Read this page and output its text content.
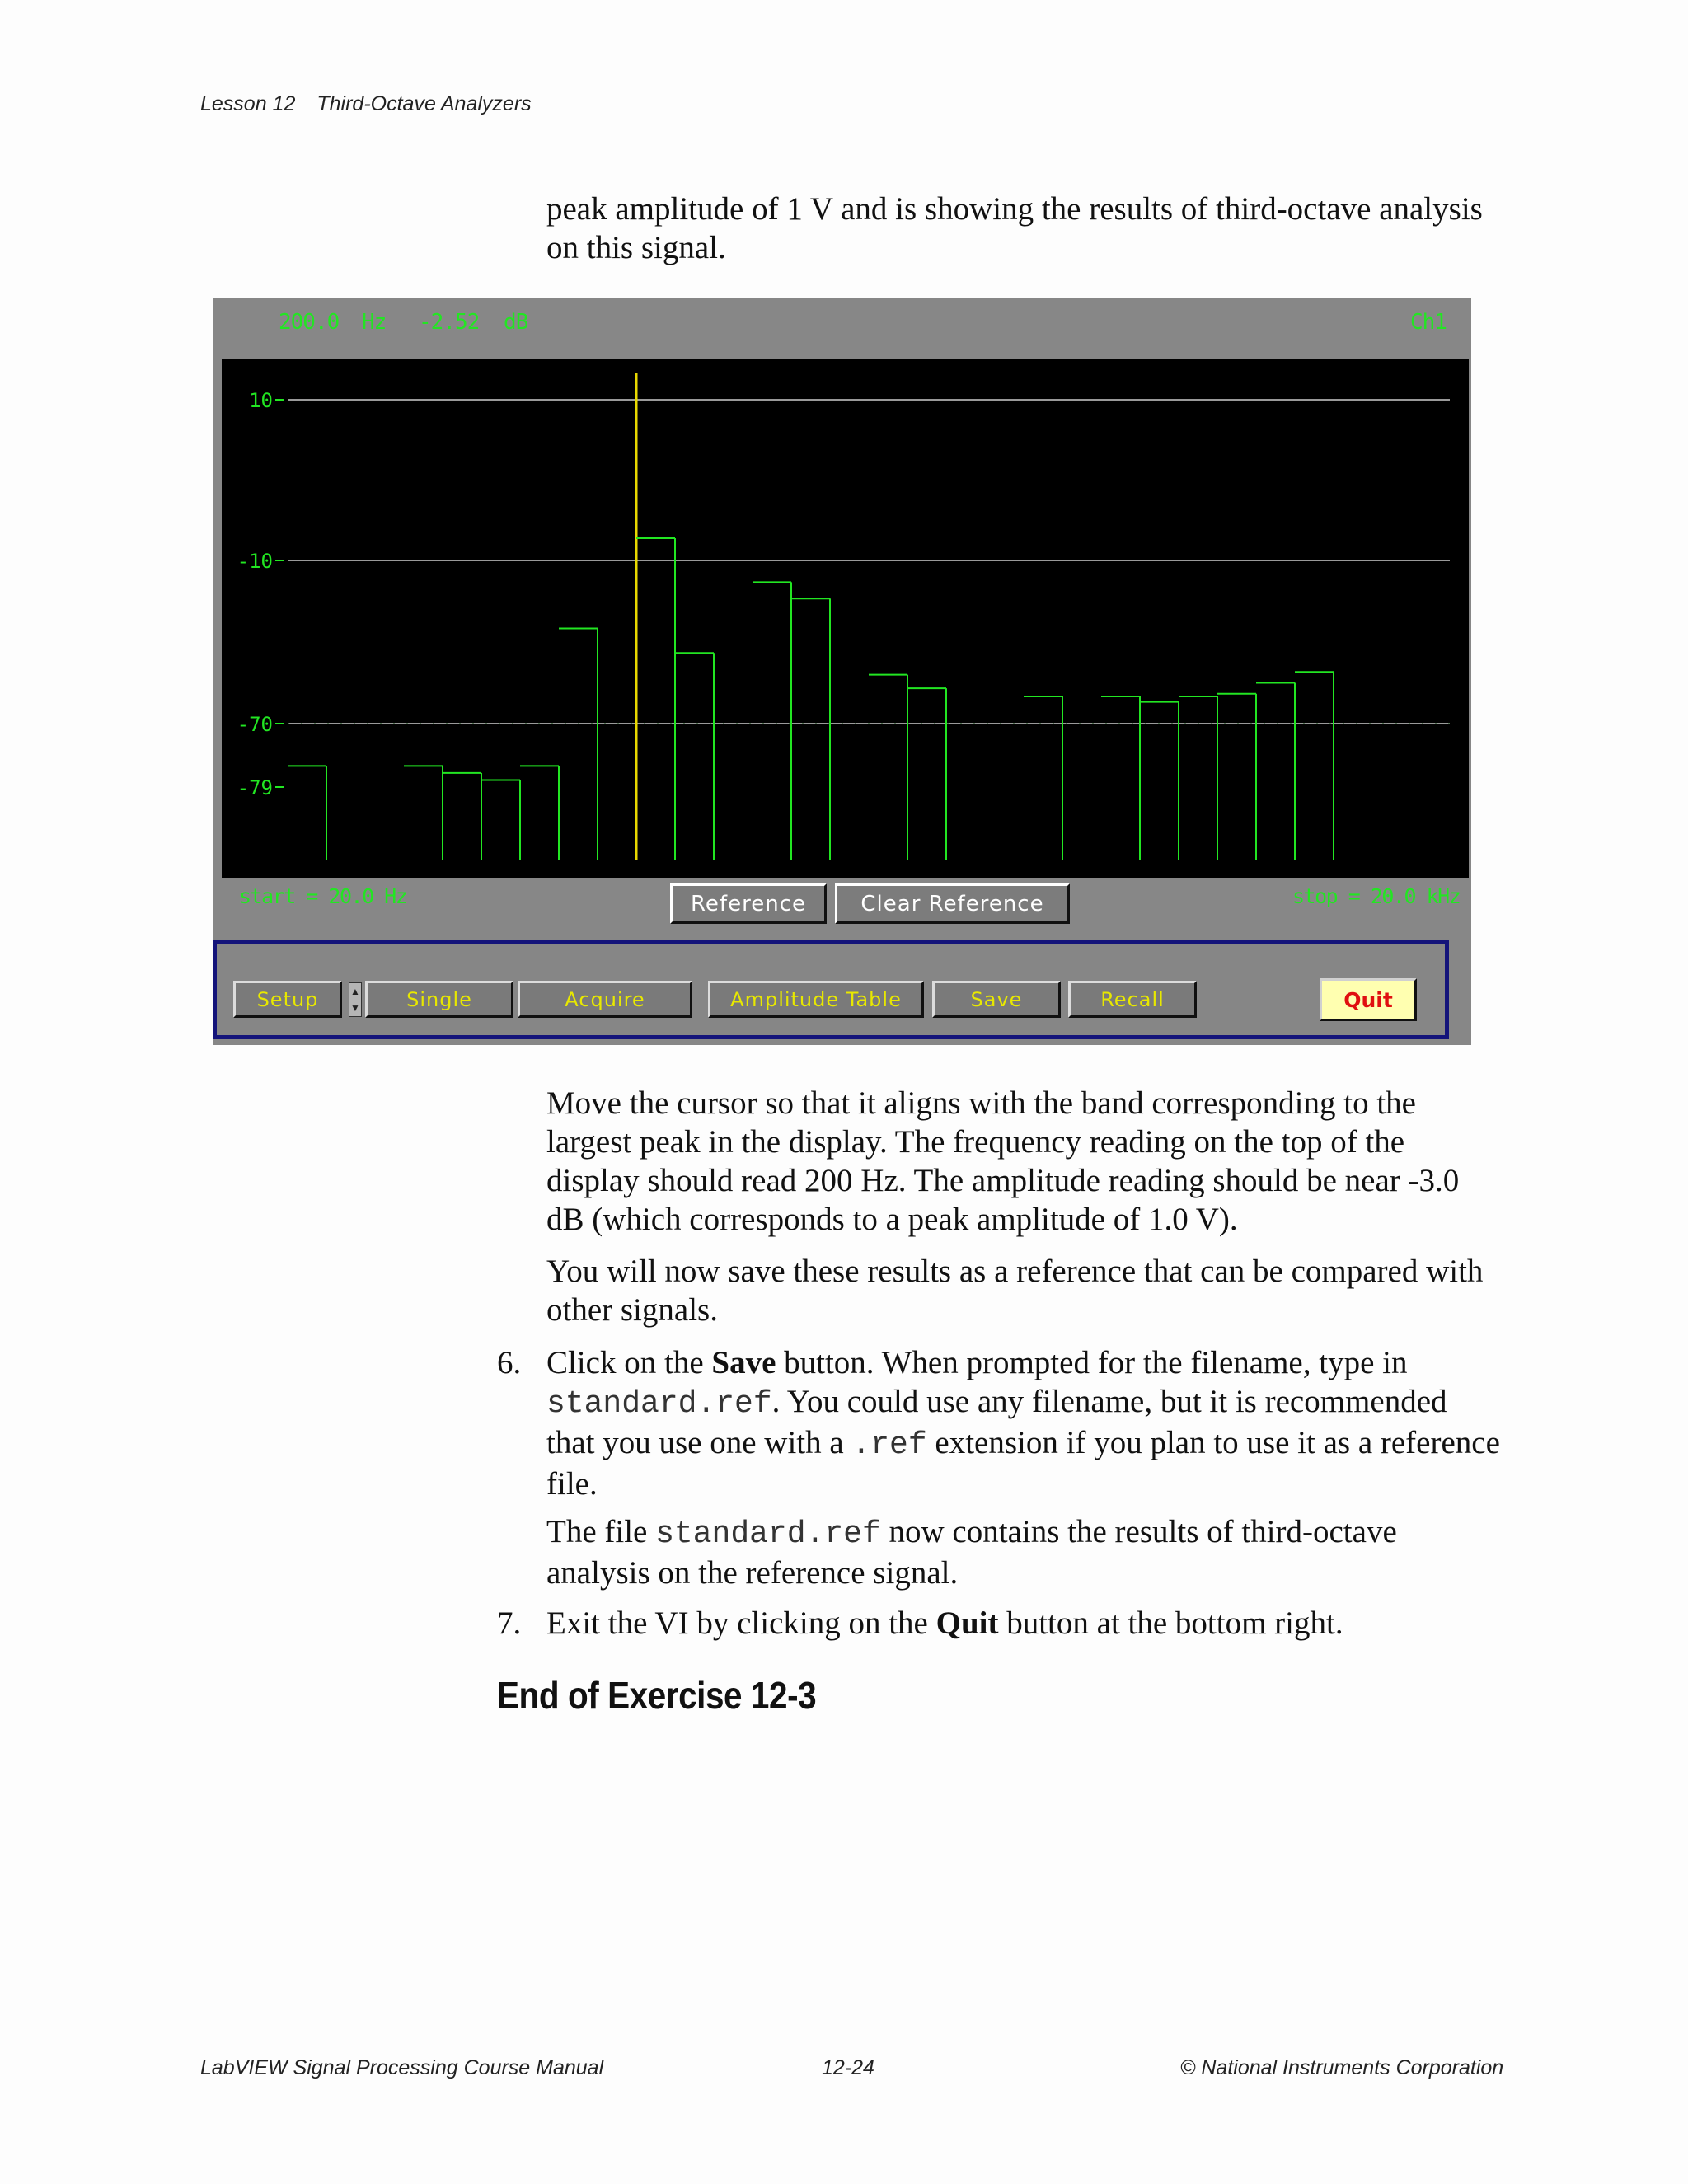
Lesson 12 Third-Octave Analyzers

peak amplitude of 1 V and is showing the results of third-octave analysis on this signal.

200.0 Hz -2.52 dB	Ch1
10
-10
-70
-79
start = 20.0 Hz	stop = 20.0 kHz
Reference	Clear Reference
Setup	▲
▼	Single	Acquire	Amplitude Table	Save	Recall	Quit

Move the cursor so that it aligns with the band corresponding to the largest peak in the display. The frequency reading on the top of the display should read 200 Hz. The amplitude reading should be near -3.0 dB (which corresponds to a peak amplitude of 1.0 V).

You will now save these results as a reference that can be compared with other signals.

6. Click on the Save button. When prompted for the filename, type in standard.ref. You could use any filename, but it is recommended that you use one with a .ref extension if you plan to use it as a reference file.

The file standard.ref now contains the results of third-octave analysis on the reference signal.

7. Exit the VI by clicking on the Quit button at the bottom right.

End of Exercise 12-3
LabVIEW Signal Processing Course Manual	12-24	© National Instruments Corporation
